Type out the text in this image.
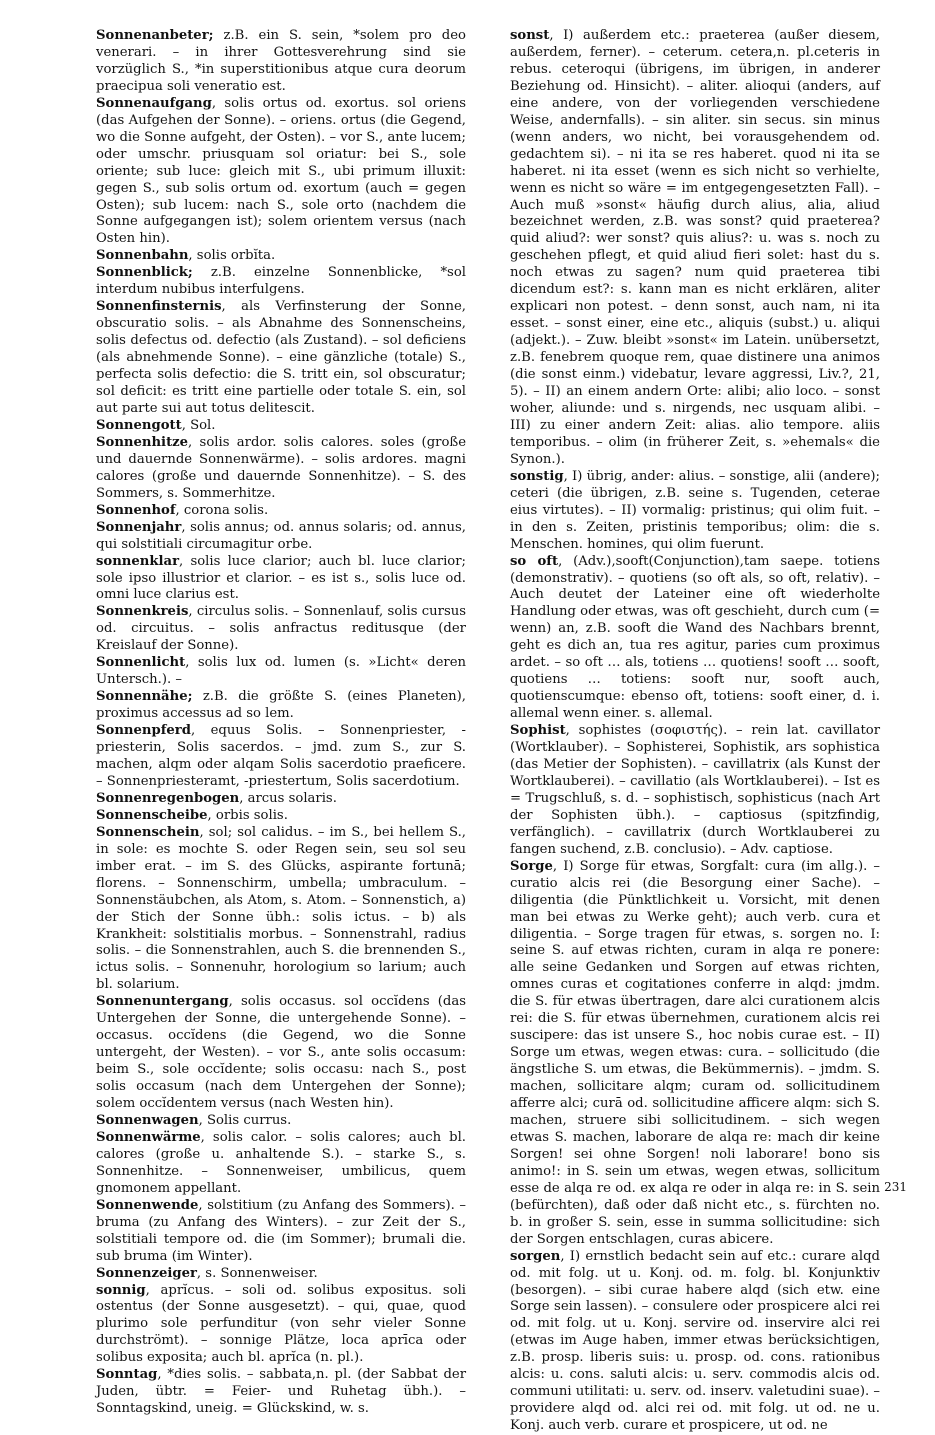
Sonnenanbeter; z.B. ein S. sein, *solem pro deo venerari. – in ihrer Gottesverehrung sind sie vorzüglich S., *in superstitionibus atque cura deorum praecipua soli veneratio est.

Sonnenaufgang, solis ortus od. exortus. sol oriens (das Aufgehen der Sonne). – oriens. ortus (die Gegend, wo die Sonne aufgeht, der Osten). – vor S., ante lucem; oder umschr. priusquam sol oriatur: bei S., sole oriente; sub luce: gleich mit S., ubi primum illuxit: gegen S., sub solis ortum od. exortum (auch = gegen Osten); sub lucem: nach S., sole orto (nachdem die Sonne aufgegangen ist); solem orientem versus (nach Osten hin).

Sonnenbahn, solis orbĭta.

Sonnenblick; z.B. einzelne Sonnenblicke, *sol interdum nubibus interfulgens.

Sonnenfinsternis, als Verfinsterung der Sonne, obscuratio solis. – als Abnahme des Sonnenscheins, solis defectus od. defectio (als Zustand). – sol deficiens (als abnehmende Sonne). – eine gänzliche (totale) S., perfecta solis defectio: die S. tritt ein, sol obscuratur; sol deficit: es tritt eine partielle oder totale S. ein, sol aut parte sui aut totus delitescit.

Sonnengott, Sol.

Sonnenhitze, solis ardor. solis calores. soles (große und dauernde Sonnenwärme). – solis ardores. magni calores (große und dauernde Sonnenhitze). – S. des Sommers, s. Sommerhitze.

Sonnenhof, corona solis.

Sonnenjahr, solis annus; od. annus solaris; od. annus, qui solstitiali circumagitur orbe.

sonnenklar, solis luce clarior; auch bl. luce clarior; sole ipso illustrior et clarior. – es ist s., solis luce od. omni luce clarius est.

Sonnenkreis, circulus solis. – Sonnenlauf, solis cursus od. circuitus. – solis anfractus reditusque (der Kreislauf der Sonne).

Sonnenlicht, solis lux od. lumen (s. »Licht« deren Untersch.). –

Sonnennähe; z.B. die größte S. (eines Planeten), proximus accessus ad so lem.

Sonnenpferd, equus Solis. – Sonnenpriester, -priesterin, Solis sacerdos. – jmd. zum S., zur S. machen, alqm oder alqam Solis sacerdotio praeficere. – Sonnenpriesteramt, -priestertum, Solis sacerdotium.

Sonnenregenbogen, arcus solaris.

Sonnenscheibe, orbis solis.

Sonnenschein, sol; sol calidus. – im S., bei hellem S., in sole: es mochte S. oder Regen sein, seu sol seu imber erat. – im S. des Glücks, aspirante fortunā; florens. – Sonnenschirm, umbella; umbraculum. – Sonnenstäubchen, als Atom, s. Atom. – Sonnenstich, a) der Stich der Sonne übh.: solis ictus. – b) als Krankheit: solstitialis morbus. – Sonnenstrahl, radius solis. – die Sonnenstrahlen, auch S. die brennenden S., ictus solis. – Sonnenuhr, horologium so larium; auch bl. solarium.

Sonnenuntergang, solis occasus. sol occĭdens (das Untergehen der Sonne, die untergehende Sonne). – occasus. occĭdens (die Gegend, wo die Sonne untergeht, der Westen). – vor S., ante solis occasum: beim S., sole occĭdente; solis occasu: nach S., post solis occasum (nach dem Untergehen der Sonne); solem occĭdentem versus (nach Westen hin).

Sonnenwagen, Solis currus.

Sonnenwärme, solis calor. – solis calores; auch bl. calores (große u. anhaltende S.). – starke S., s. Sonnenhitze. – Sonnenweiser, umbilicus, quem gnomonem appellant.

Sonnenwende, solstitium (zu Anfang des Sommers). – bruma (zu Anfang des Winters). – zur Zeit der S., solstitiali tempore od. die (im Sommer); brumali die. sub bruma (im Winter).

Sonnenzeiger, s. Sonnenweiser.

sonnig, aprĭcus. – soli od. solibus expositus. soli ostentus (der Sonne ausgesetzt). – qui, quae, quod plurimo sole perfunditur (von sehr vieler Sonne durchströmt). – sonnige Plätze, loca aprīca oder solibus exposita; auch bl. aprĭca (n. pl.).

Sonntag, *dies solis. – sabbata,n. pl. (der Sabbat der Juden, übtr. = Feier- und Ruhetag übh.). – Sonntagskind, uneig. = Glückskind, w. s.

sonst, I) außerdem etc.: praeterea (außer diesem, außerdem, ferner). – ceterum. cetera,n. pl.ceteris in rebus. ceteroqui (übrigens, im übrigen, in anderer Beziehung od. Hinsicht). – aliter. alioqui (anders, auf eine andere, von der vorliegenden verschiedene Weise, andernfalls). – sin aliter. sin secus. sin minus (wenn anders, wo nicht, bei vorausgehendem od. gedachtem si). – ni ita se res haberet. quod ni ita se haberet. ni ita esset (wenn es sich nicht so verhielte, wenn es nicht so wäre = im entgegengesetzten Fall). – Auch muß »sonst« häufig durch alius, alia, aliud bezeichnet werden, z.B. was sonst? quid praeterea? quid aliud?: wer sonst? quis alius?: u. was s. noch zu geschehen pflegt, et quid aliud fieri solet: hast du s. noch etwas zu sagen? num quid praeterea tibi dicendum est?: s. kann man es nicht erklären, aliter explicari non potest. – denn sonst, auch nam, ni ita esset. – sonst einer, eine etc., aliquis (subst.) u. aliqui (adjekt.). – Zuw. bleibt »sonst« im Latein. unübersetzt, z.B. fenebrem quoque rem, quae distinere una animos (die sonst einm.) videbatur, levare aggressi, Liv.?, 21, 5). – II) an einem andern Orte: alibi; alio loco. – sonst woher, aliunde: und s. nirgends, nec usquam alibi. – III) zu einer andern Zeit: alias. alio tempore. aliis temporibus. – olim (in früherer Zeit, s. »ehemals« die Synon.).

sonstig, I) übrig, ander: alius. – sonstige, alii (andere); ceteri (die übrigen, z.B. seine s. Tugenden, ceterae eius virtutes). – II) vormalig: pristinus; qui olim fuit. – in den s. Zeiten, pristinis temporibus; olim: die s. Menschen. homines, qui olim fuerunt.

so oft, (Adv.),sooft(Conjunction),tam saepe. totiens (demonstrativ). – quotiens (so oft als, so oft, relativ). – Auch deutet der Lateiner eine oft wiederholte Handlung oder etwas, was oft geschieht, durch cum (= wenn) an, z.B. sooft die Wand des Nachbars brennt, geht es dich an, tua res agitur, paries cum proximus ardet. – so oft … als, totiens … quotiens! sooft … sooft, quotiens … totiens: sooft nur, sooft auch, quotienscumque: ebenso oft, totiens: sooft einer, d. i. allemal wenn einer. s. allemal.

Sophist, sophistes (σοφιστής). – rein lat. cavillator (Wortklauber). – Sophisterei, Sophistik, ars sophistica (das Metier der Sophisten). – cavillatrix (als Kunst der Wortklauberei). – cavillatio (als Wortklauberei). – Ist es = Trugschluß, s. d. – sophistisch, sophisticus (nach Art der Sophisten übh.). – captiosus (spitzfindig, verfänglich). – cavillatrix (durch Wortklauberei zu fangen suchend, z.B. conclusio). – Adv. captiose.

Sorge, I) Sorge für etwas, Sorgfalt: cura (im allg.). – curatio alcis rei (die Besorgung einer Sache). – diligentia (die Pünktlichkeit u. Vorsicht, mit denen man bei etwas zu Werke geht); auch verb. cura et diligentia. – Sorge tragen für etwas, s. sorgen no. I: seine S. auf etwas richten, curam in alqa re ponere: alle seine Gedanken und Sorgen auf etwas richten, omnes curas et cogitationes conferre in alqd: jmdm. die S. für etwas übertragen, dare alci curationem alcis rei: die S. für etwas übernehmen, curationem alcis rei suscipere: das ist unsere S., hoc nobis curae est. – II) Sorge um etwas, wegen etwas: cura. – sollicitudo (die ängstliche S. um etwas, die Bekümmernis). – jmdm. S. machen, sollicitare alqm; curam od. sollicitudinem afferre alci; curā od. sollicitudine afficere alqm: sich S. machen, struere sibi sollicitudinem. – sich wegen etwas S. machen, laborare de alqa re: mach dir keine Sorgen! sei ohne Sorgen! noli laborare! bono sis animo!: in S. sein um etwas, wegen etwas, sollicitum esse de alqa re od. ex alqa re oder in alqa re: in S. sein (befürchten), daß oder daß nicht etc., s. fürchten no. b. in großer S. sein, esse in summa sollicitudine: sich der Sorgen entschlagen, curas abicere.

sorgen, I) ernstlich bedacht sein auf etc.: curare alqd od. mit folg. ut u. Konj. od. m. folg. bl. Konjunktiv (besorgen). – sibi curae habere alqd (sich etw. eine Sorge sein lassen). – consulere oder prospicere alci rei od. mit folg. ut u. Konj. servire od. inservire alci rei (etwas im Auge haben, immer etwas berücksichtigen, z.B. prosp. liberis suis: u. prosp. od. cons. rationibus alcis: u. cons. saluti alcis: u. serv. commodis alcis od. communi utilitati: u. serv. od. inserv. valetudini suae). – providere alqd od. alci rei od. mit folg. ut od. ne u. Konj. auch verb. curare et prospicere, ut od. ne

231
